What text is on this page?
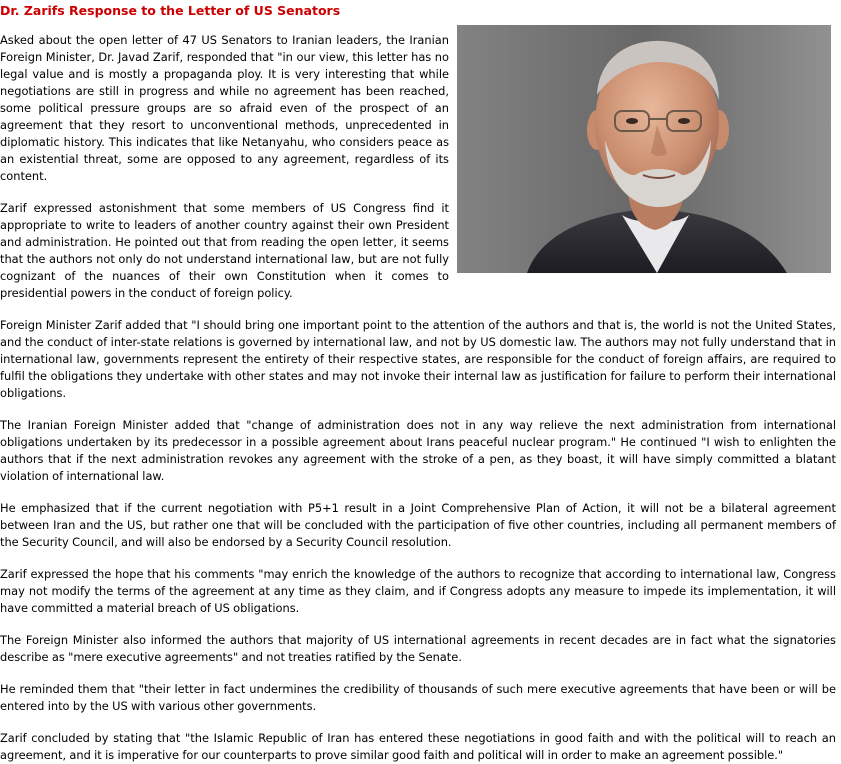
Dr. Zarifs Response to the Letter of US Senators

Asked about the open letter of 47 US Senators to Iranian leaders, the Iranian Foreign Minister, Dr. Javad Zarif, responded that "in our view, this letter has no legal value and is mostly a propaganda ploy. It is very interesting that while negotiations are still in progress and while no agreement has been reached, some political pressure groups are so afraid even of the prospect of an agreement that they resort to unconventional methods, unprecedented in diplomatic history. This indicates that like Netanyahu, who considers peace as an existential threat, some are opposed to any agreement, regardless of its content.

Zarif expressed astonishment that some members of US Congress find it appropriate to write to leaders of another country against their own President and administration. He pointed out that from reading the open letter, it seems that the authors not only do not understand international law, but are not fully cognizant of the nuances of their own Constitution when it comes to presidential powers in the conduct of foreign policy.

Foreign Minister Zarif added that "I should bring one important point to the attention of the authors and that is, the world is not the United States, and the conduct of inter-state relations is governed by international law, and not by US domestic law. The authors may not fully understand that in international law, governments represent the entirety of their respective states, are responsible for the conduct of foreign affairs, are required to fulfil the obligations they undertake with other states and may not invoke their internal law as justification for failure to perform their international obligations.

The Iranian Foreign Minister added that "change of administration does not in any way relieve the next administration from international obligations undertaken by its predecessor in a possible agreement about Irans peaceful nuclear program." He continued "I wish to enlighten the authors that if the next administration revokes any agreement with the stroke of a pen, as they boast, it will have simply committed a blatant violation of international law.

He emphasized that if the current negotiation with P5+1 result in a Joint Comprehensive Plan of Action, it will not be a bilateral agreement between Iran and the US, but rather one that will be concluded with the participation of five other countries, including all permanent members of the Security Council, and will also be endorsed by a Security Council resolution.

Zarif expressed the hope that his comments "may enrich the knowledge of the authors to recognize that according to international law, Congress may not modify the terms of the agreement at any time as they claim, and if Congress adopts any measure to impede its implementation, it will have committed a material breach of US obligations.

The Foreign Minister also informed the authors that majority of US international agreements in recent decades are in fact what the signatories describe as "mere executive agreements" and not treaties ratified by the Senate.

He reminded them that "their letter in fact undermines the credibility of thousands of such mere executive agreements that have been or will be entered into by the US with various other governments.

Zarif concluded by stating that "the Islamic Republic of Iran has entered these negotiations in good faith and with the political will to reach an agreement, and it is imperative for our counterparts to prove similar good faith and political will in order to make an agreement possible."
